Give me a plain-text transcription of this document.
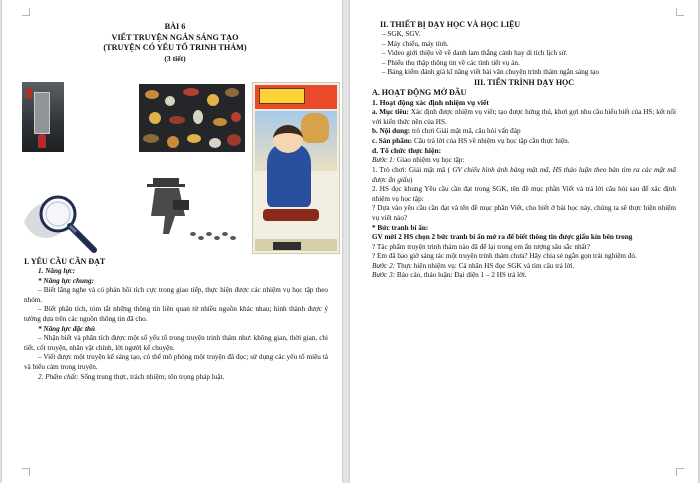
BÀI 6
VIẾT TRUYỆN NGẮN SÁNG TẠO
(TRUYỆN CÓ YẾU TỐ TRINH THÁM)
(3 tiết)
I. YÊU CẦU CẦN ĐẠT
1. Năng lực:
* Năng lực chung:
– Biết lắng nghe và có phản hồi tích cực trong giao tiếp, thực hiện được các nhiệm vụ học tập theo nhóm.
– Biết phân tích, tóm tắt những thông tin liên quan từ nhiều nguồn khác nhau; hình thành được ý tưởng dựa trên các nguồn thông tin đã cho.
* Năng lực đặc thù
– Nhận biết và phân tích được một số yếu tố trong truyện trinh thám như: không gian, thời gian, chi tiết, cốt truyện, nhân vật chính, lời người kể chuyện.
– Viết được một truyện kể sáng tạo, có thể mô phỏng một truyện đã đọc; sử dụng các yếu tố miêu tả và biểu cảm trong truyện.
2. Phẩm chất: Sống trung thực, trách nhiệm; tôn trọng pháp luật.
II. THIẾT BỊ DẠY HỌC VÀ HỌC LIỆU
– SGK, SGV.
– Máy chiếu, máy tính.
– Video giới thiệu về về danh lam thắng cảnh hay di tích lịch sử.
– Phiếu thu thập thông tin về các tình tiết vụ án.
– Bảng kiểm đánh giá kĩ năng viết bài văn chuyện trinh thám ngắn sáng tạo
III. TIẾN TRÌNH DẠY HỌC
A. HOẠT ĐỘNG MỞ ĐẦU
1. Hoạt động xác định nhiệm vụ viết
a. Mục tiêu: Xác định được nhiệm vụ viết; tạo được hứng thú, khơi gợi nhu cầu hiểu biết của HS; kết nối với kiến thức nền của HS.
b. Nội dung: trò chơi Giải mật mã, câu hỏi vấn đáp
c. Sản phẩm: Câu trả lời của HS về nhiệm vụ học tập cần thực hiện.
d. Tổ chức thực hiện:
Bước 1: Giao nhiệm vụ học tập:
1. Trò chơi: Giải mật mã ( GV chiếu hình ảnh bảng mật mã, HS thảo luận theo bàn tìm ra các mật mã được ẩn giấu)
2. HS đọc khung Yêu cầu cần đạt trong SGK, tên đề mục phần Viết và trả lời câu hỏi sau để xác định nhiệm vụ học tập:
? Dựa vào yêu cầu cần đạt và tên đề mục phần Viết, cho biết ở bài học này, chúng ta sẽ thực hiện nhiệm vụ viết nào?
* Bức tranh bí ẩn:
GV mời 2 HS chọn 2 bức tranh bí ẩn mở ra để biết thông tin được giấu kín bên trong
? Tác phẩm truyện trinh thám nào đã để lại trong em ấn tượng sâu sắc nhất?
? Em đã bao giờ sáng tác một truyện trinh thám chưa? Hãy chia sẻ ngắn gọn trải nghiệm đó.
Bước 2: Thực hiện nhiệm vụ: Cá nhân HS đọc SGK và tìm câu trả lời.
Bước 3: Báo cáo, thảo luận: Đại diện 1 – 2 HS trả lời.
